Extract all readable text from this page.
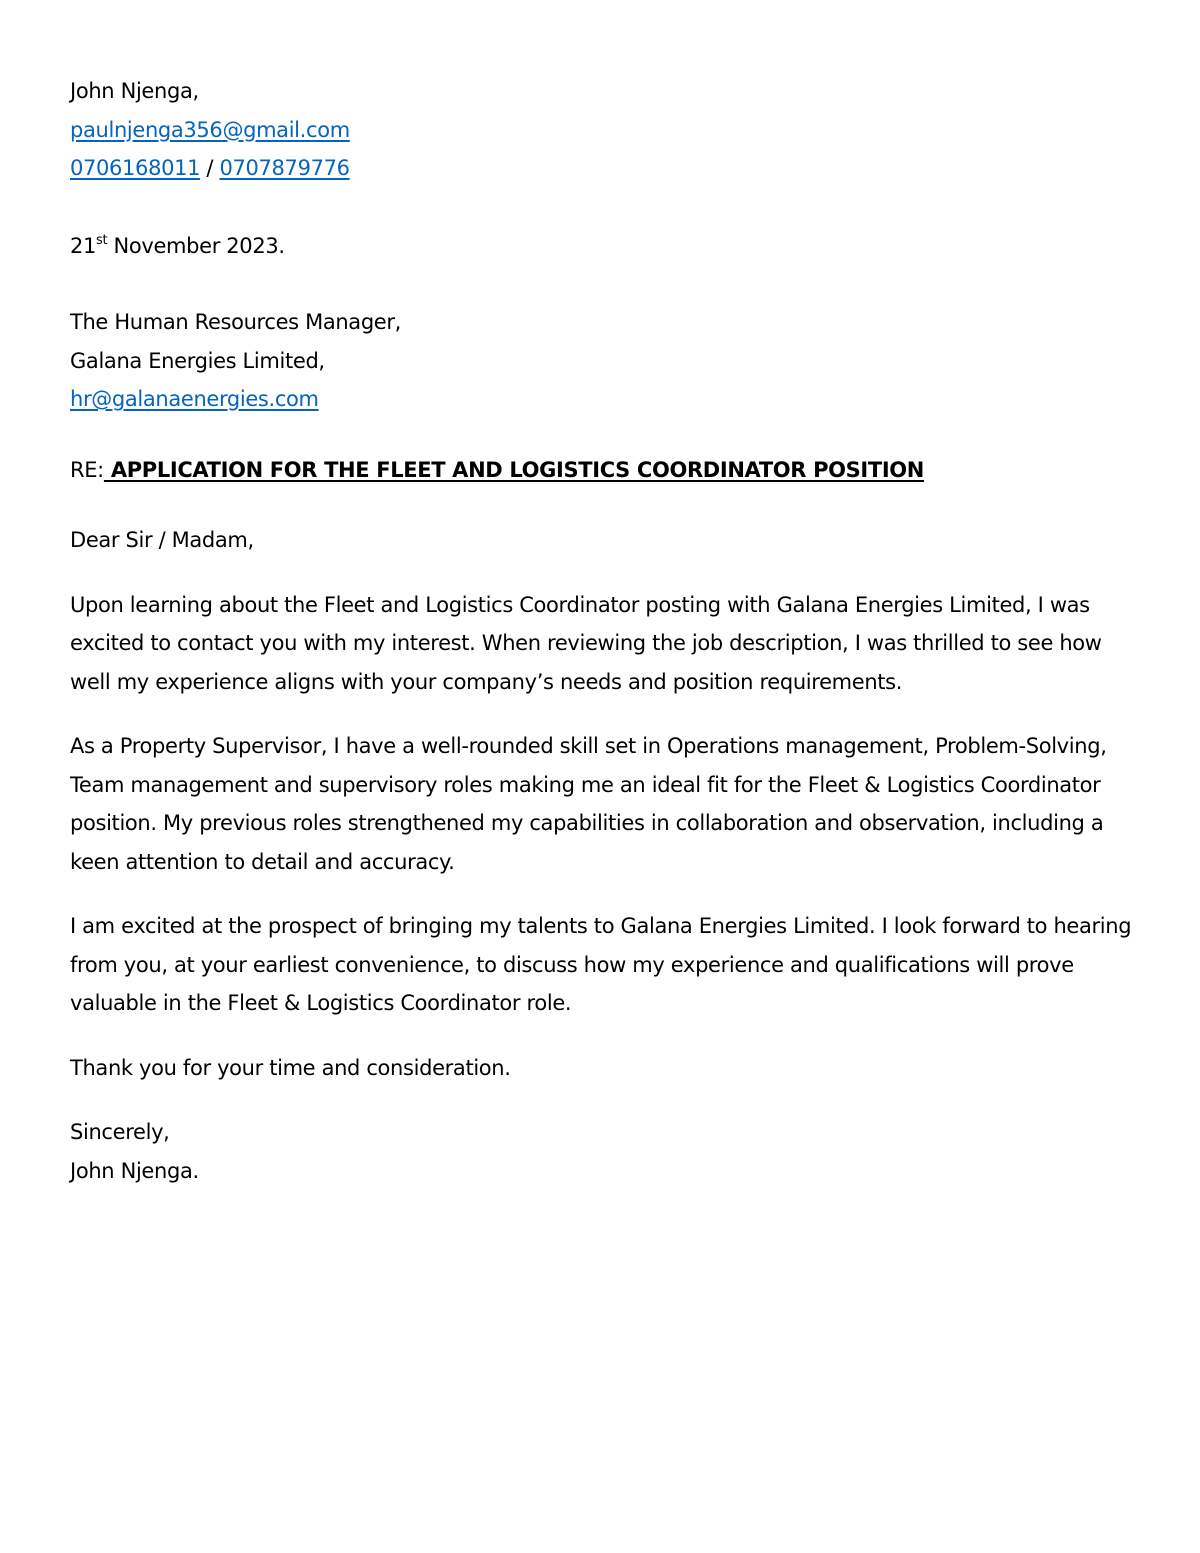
John Njenga,
paulnjenga356@gmail.com
0706168011 / 0707879776
21st November 2023.
The Human Resources Manager,
Galana Energies Limited,
hr@galanaenergies.com
RE: APPLICATION FOR THE FLEET AND LOGISTICS COORDINATOR POSITION
Dear Sir / Madam,

Upon learning about the Fleet and Logistics Coordinator posting with Galana Energies Limited, I was excited to contact you with my interest. When reviewing the job description, I was thrilled to see how well my experience aligns with your company’s needs and position requirements.

As a Property Supervisor, I have a well-rounded skill set in Operations management, Problem-Solving, Team management and supervisory roles making me an ideal fit for the Fleet & Logistics Coordinator position. My previous roles strengthened my capabilities in collaboration and observation, including a keen attention to detail and accuracy.

I am excited at the prospect of bringing my talents to Galana Energies Limited. I look forward to hearing from you, at your earliest convenience, to discuss how my experience and qualifications will prove valuable in the Fleet & Logistics Coordinator role.

Thank you for your time and consideration.
Sincerely,
John Njenga.
